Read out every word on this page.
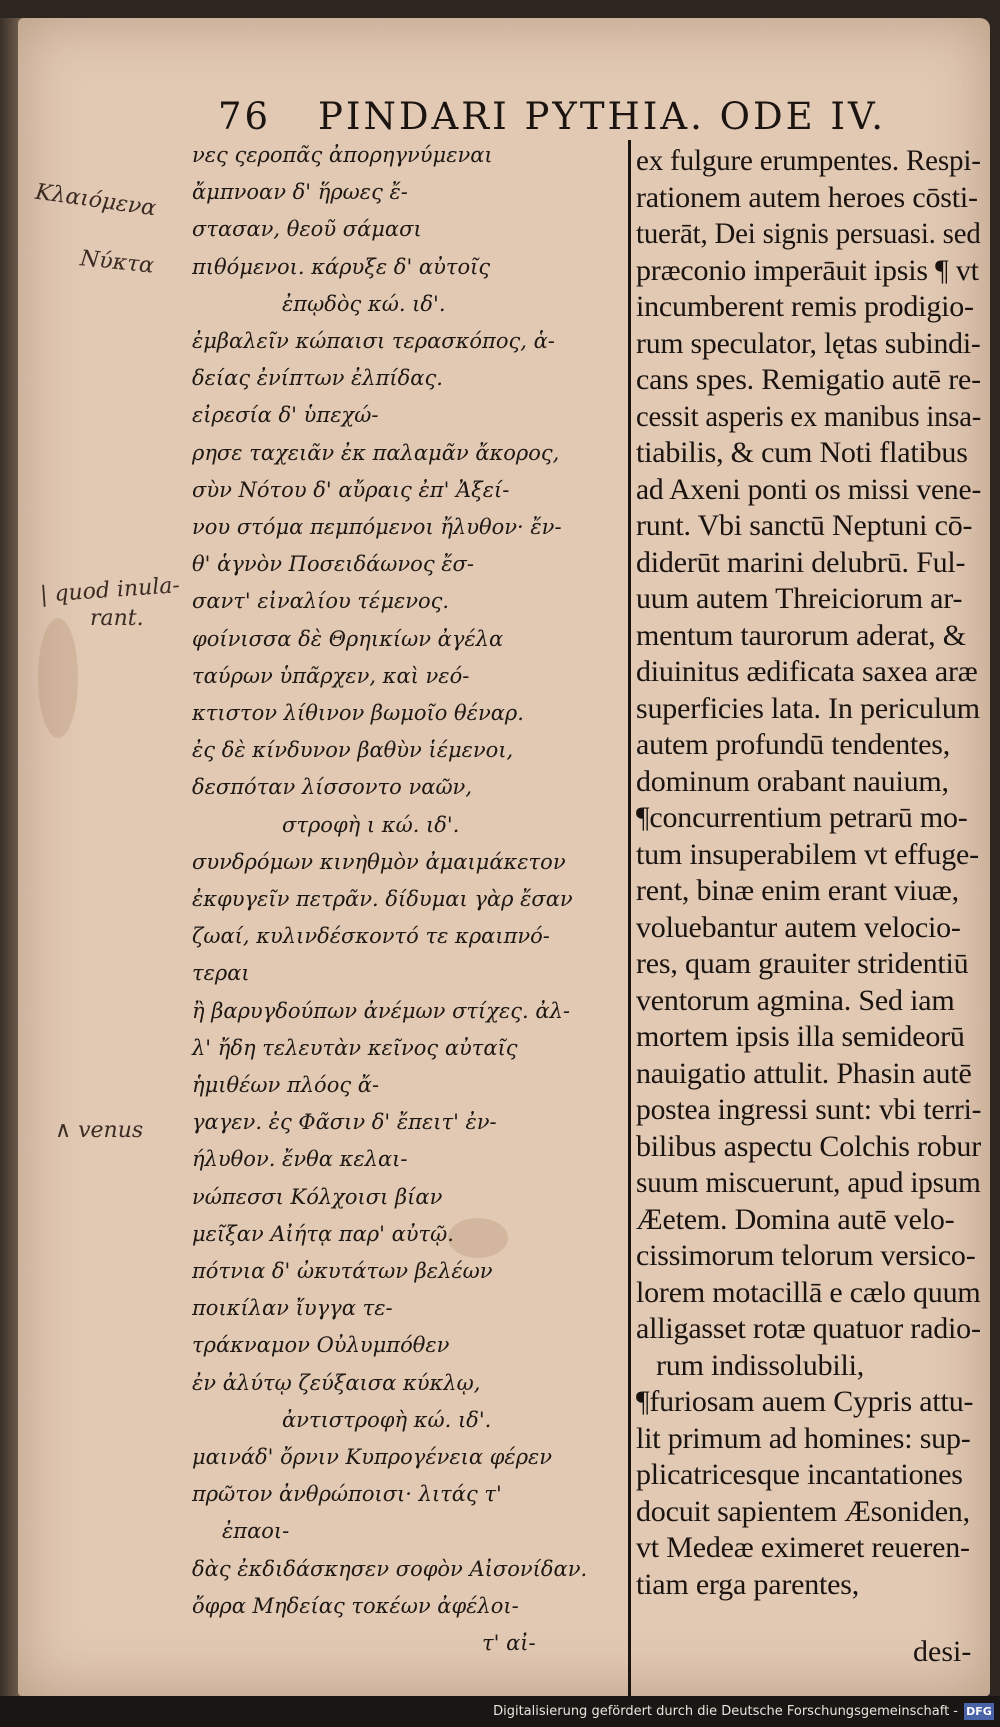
76 PINDARI PYTHIA. ODE IV.
νες ςεροπᾶς ἀπορηγνύμεναι
ἄμπνοαν δ' ἥρωες ἔ-
στασαν, θεοῦ σάμασι
πιθόμενοι. κάρυξε δ' αὐτοῖς
ἐπῳδὸς κώ. ιδ'.
ἐμβαλεῖν κώπαισι τερασκόπος, ἁ-
δείας ἐνίπτων ἐλπίδας.
εἰρεσία δ' ὑπεχώ-
ρησε ταχειᾶν ἐκ παλαμᾶν ἄκορος,
σὺν Νότου δ' αὔραις ἐπ' Ἀξεί-
νου στόμα πεμπόμενοι ἤλυθον· ἔν-
θ' ἁγνὸν Ποσειδάωνος ἔσ-
σαντ' εἰναλίου τέμενος.
φοίνισσα δὲ Θρηικίων ἀγέλα
ταύρων ὑπᾶρχεν, καὶ νεό-
κτιστον λίθινον βωμοῖο θέναρ.
ἐς δὲ κίνδυνον βαθὺν ἱέμενοι,
δεσπόταν λίσσοντο ναῶν,
στροφὴ ι κώ. ιδ'.
συνδρόμων κινηθμὸν ἀμαιμάκετον
ἐκφυγεῖν πετρᾶν. δίδυμαι γὰρ ἔσαν
ζωαί, κυλινδέσκοντό τε κραιπνό-
τεραι
ἢ βαρυγδούπων ἀνέμων στίχες. ἀλ-
λ' ἤδη τελευτὰν κεῖνος αὐταῖς
ἡμιθέων πλόος ἄ-
γαγεν. ἐς Φᾶσιν δ' ἔπειτ' ἐν-
ήλυθον. ἔνθα κελαι-
νώπεσσι Κόλχοισι βίαν
μεῖξαν Αἰήτᾳ παρ' αὐτῷ.
πότνια δ' ὠκυτάτων βελέων
ποικίλαν ἴυγγα τε-
τράκναμον Οὐλυμπόθεν
ἐν ἀλύτῳ ζεύξαισα κύκλῳ,
ἀντιστροφὴ κώ. ιδ'.
μαινάδ' ὄρνιν Κυπρογένεια φέρεν
πρῶτον ἀνθρώποισι· λιτάς τ'
ἐπαοι-
δὰς ἐκδιδάσκησεν σοφὸν Αἰσονίδαν.
ὄφρα Μηδείας τοκέων ἀφέλοι-
τ' αἰ-
ex fulgure erumpentes. Respi-
rationem autem heroes cōsti-
tuerāt, Dei signis persuasi. sed
præconio imperāuit ipsis ¶ vt
incumberent remis prodigio-
rum speculator, lętas subindi-
cans spes. Remigatio autē re-
cessit asperis ex manibus insa-
tiabilis, & cum Noti flatibus
ad Axeni ponti os missi vene-
runt. Vbi sanctū Neptuni cō-
diderūt marini delubrū. Ful-
uum autem Threiciorum ar-
mentum taurorum aderat, &
diuinitus ædificata saxea aræ
superficies lata. In periculum
autem profundū tendentes,
dominum orabant nauium,
¶concurrentium petrarū mo-
tum insuperabilem vt effuge-
rent, binæ enim erant viuæ,
voluebantur autem velocio-
res, quam grauiter stridentiū
ventorum agmina. Sed iam
mortem ipsis illa semideorū
nauigatio attulit. Phasin autē
postea ingressi sunt: vbi terri-
bilibus aspectu Colchis robur
suum miscuerunt, apud ipsum
Æetem. Domina autē velo-
cissimorum telorum versico-
lorem motacillā e cælo quum
alligasset rotæ quatuor radio-
rum indissolubili,
¶furiosam auem Cypris attu-
lit primum ad homines: sup-
plicatricesque incantationes
docuit sapientem Æsoniden,
vt Medeæ eximeret reueren-
tiam erga parentes,
Κλαιόμενα
Νύκτα
| quod inula-
rant.
∧ venus
desi-
Digitalisierung gefördert durch die Deutsche Forschungsgemeinschaft - DFG
